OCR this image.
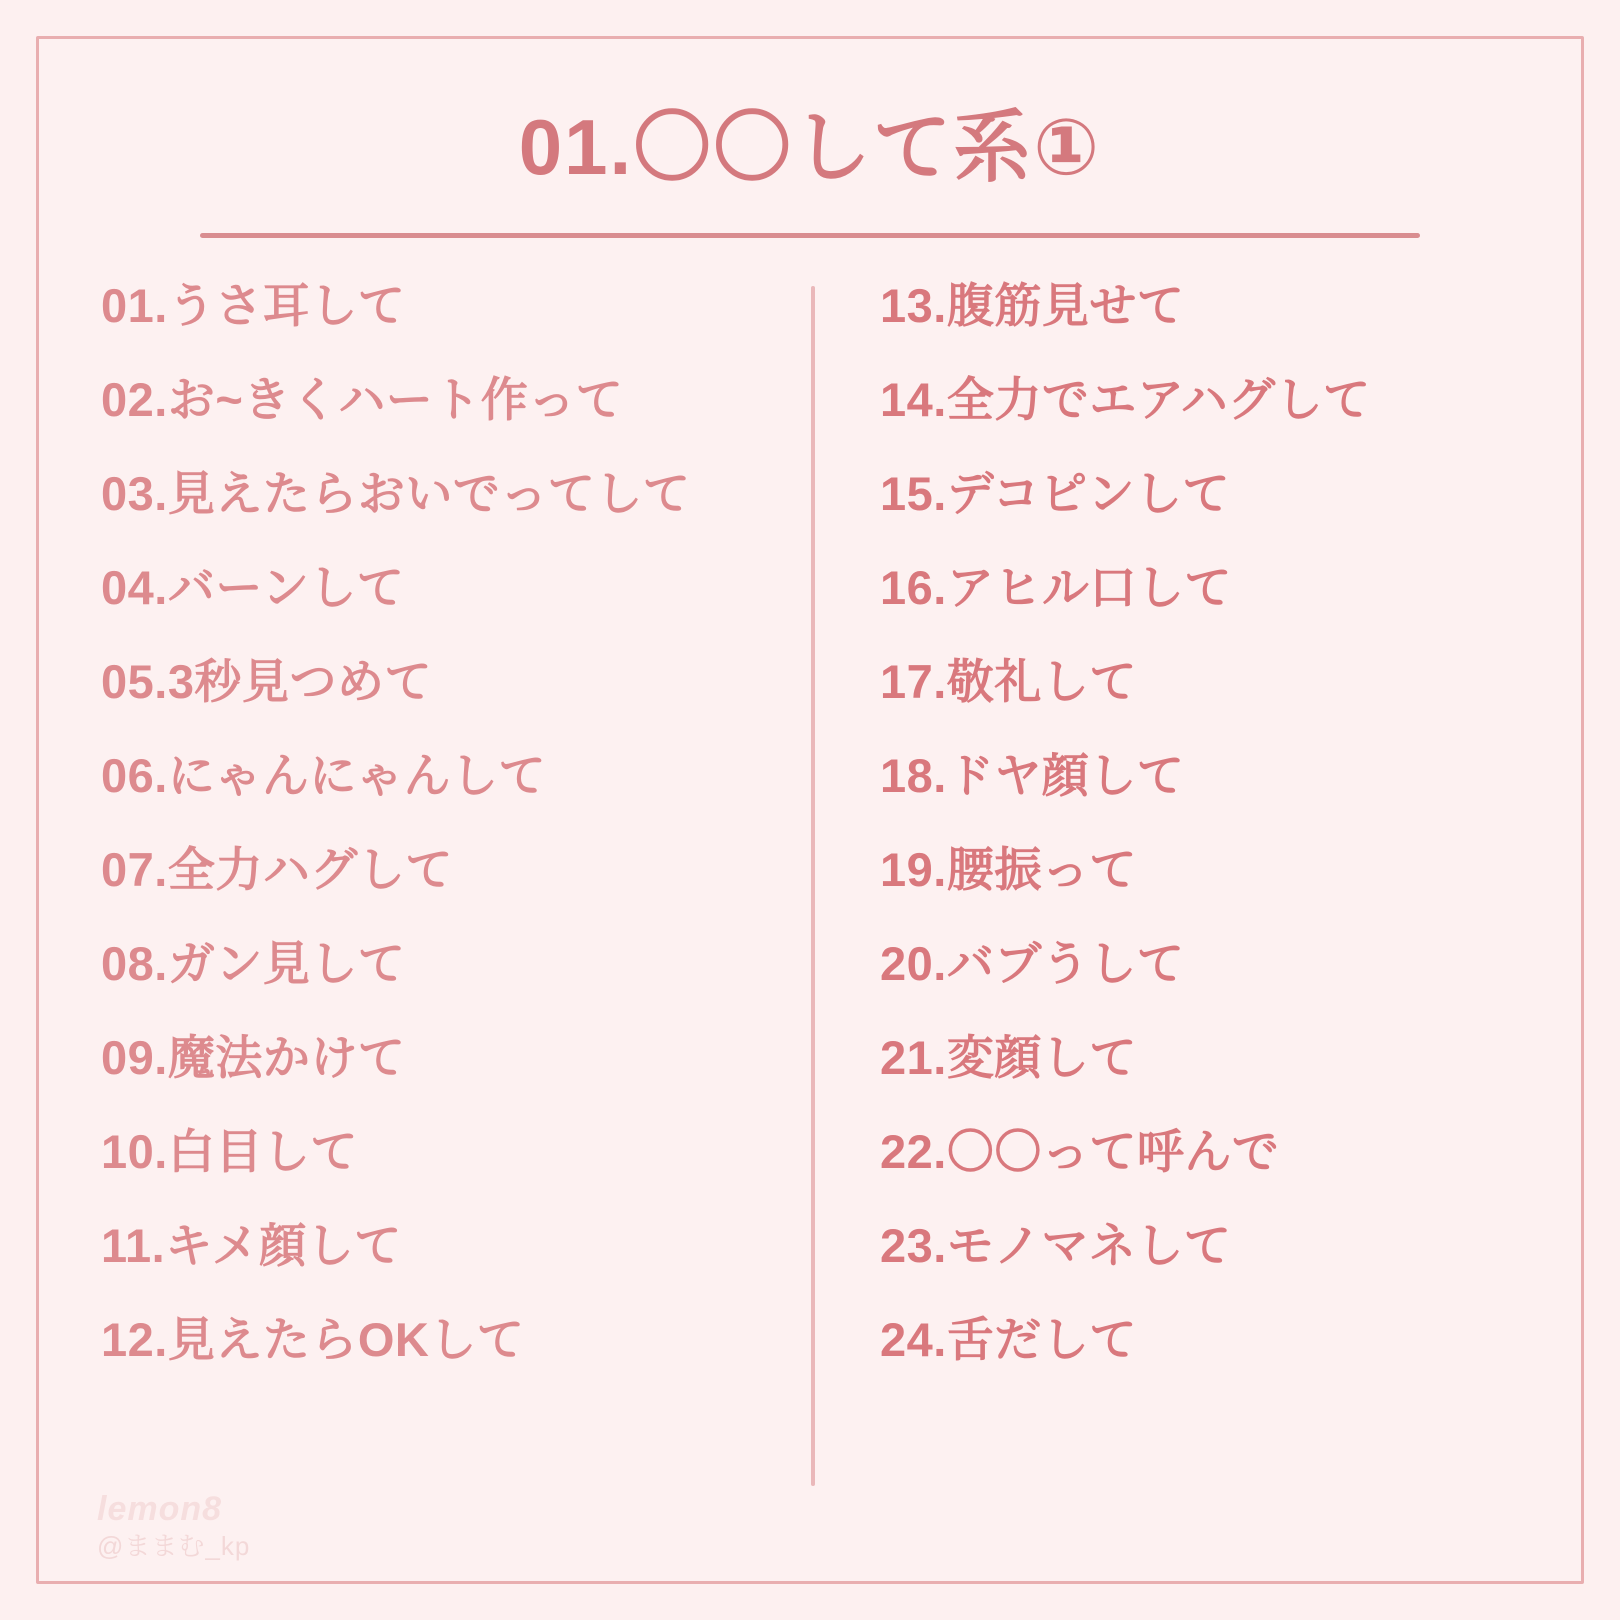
01.〇〇して系①
01.うさ耳して
02.お~きくハート作って
03.見えたらおいでってして
04.バーンして
05.3秒見つめて
06.にゃんにゃんして
07.全力ハグして
08.ガン見して
09.魔法かけて
10.白目して
11.キメ顔して
12.見えたらOKして
13.腹筋見せて
14.全力でエアハグして
15.デコピンして
16.アヒル口して
17.敬礼して
18.ドヤ顔して
19.腰振って
20.バブうして
21.変顔して
22.〇〇って呼んで
23.モノマネして
24.舌だして
lemon8
@ままむ_kp
